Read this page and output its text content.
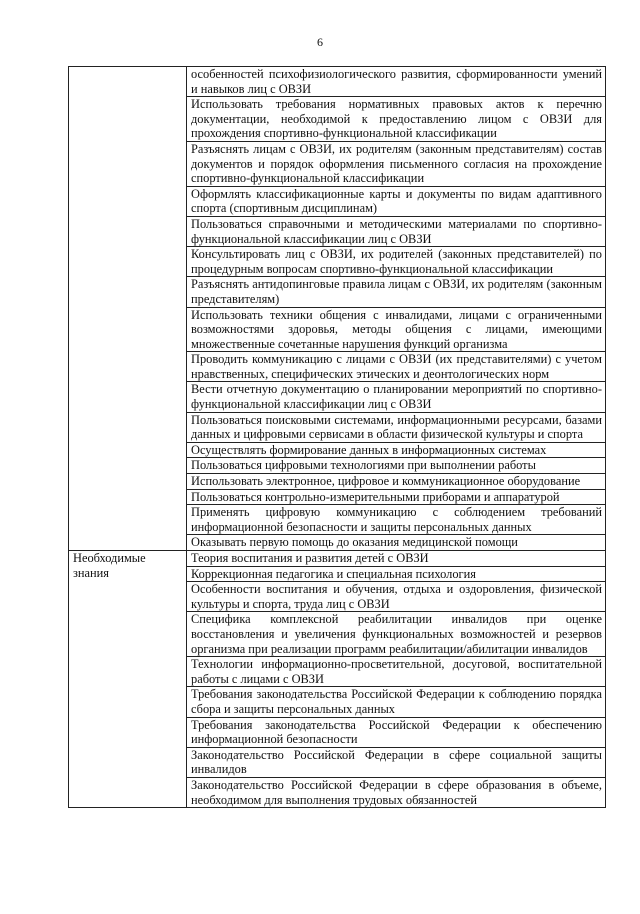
6
	особенностей психофизиологического развития, сформированности умений и навыков лиц с ОВЗИ
	Использовать требования нормативных правовых актов к перечню документации, необходимой к предоставлению лицом с ОВЗИ для прохождения спортивно-функциональной классификации
	Разъяснять лицам с ОВЗИ, их родителям (законным представителям) состав документов и порядок оформления письменного согласия на прохождение спортивно-функциональной классификации
	Оформлять классификационные карты и документы по видам адаптивного спорта (спортивным дисциплинам)
	Пользоваться справочными и методическими материалами по спортивно-функциональной классификации лиц с ОВЗИ
	Консультировать лиц с ОВЗИ, их родителей (законных представителей) по процедурным вопросам спортивно-функциональной классификации
	Разъяснять антидопинговые правила лицам с ОВЗИ, их родителям (законным представителям)
	Использовать техники общения с инвалидами, лицами с ограниченными возможностями здоровья, методы общения с лицами, имеющими множественные сочетанные нарушения функций организма
	Проводить коммуникацию с лицами с ОВЗИ (их представителями) с учетом нравственных, специфических этических и деонтологических норм
	Вести отчетную документацию о планировании мероприятий по спортивно-функциональной классификации лиц с ОВЗИ
	Пользоваться поисковыми системами, информационными ресурсами, базами данных и цифровыми сервисами в области физической культуры и спорта
	Осуществлять формирование данных в информационных системах
	Пользоваться цифровыми технологиями при выполнении работы
	Использовать электронное, цифровое и коммуникационное оборудование
	Пользоваться контрольно-измерительными приборами и аппаратурой
	Применять цифровую коммуникацию с соблюдением требований информационной безопасности и защиты персональных данных
	Оказывать первую помощь до оказания медицинской помощи
Необходимые знания	Теория воспитания и развития детей с ОВЗИ
	Коррекционная педагогика и специальная психология
	Особенности воспитания и обучения, отдыха и оздоровления, физической культуры и спорта, труда лиц с ОВЗИ
	Специфика комплексной реабилитации инвалидов при оценке восстановления и увеличения функциональных возможностей и резервов организма при реализации программ реабилитации/абилитации инвалидов
	Технологии информационно-просветительной, досуговой, воспитательной работы с лицами с ОВЗИ
	Требования законодательства Российской Федерации к соблюдению порядка сбора и защиты персональных данных
	Требования законодательства Российской Федерации к обеспечению информационной безопасности
	Законодательство Российской Федерации в сфере социальной защиты инвалидов
	Законодательство Российской Федерации в сфере образования в объеме, необходимом для выполнения трудовых обязанностей
